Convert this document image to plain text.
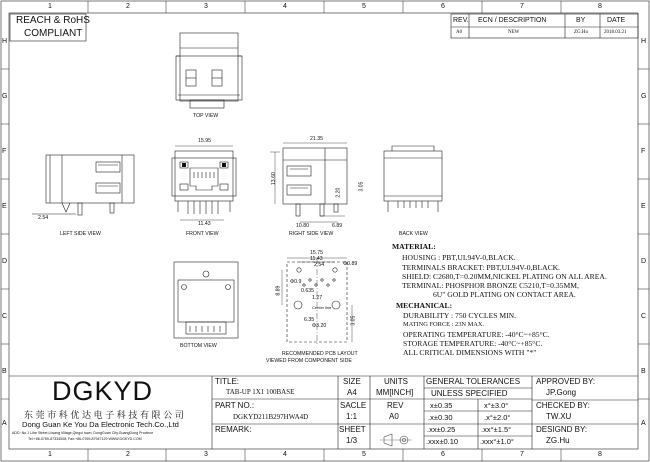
REACH & RoHS
COMPLIANT
1	2	3	4	5	6	7	8
1	2	3	4	5	6	7	8
H
G
F
E
D
C
B
A
H
G
F
E
D
C
B
A
REV. ECN / DESCRIPTION	BY	DATE
A0	NEW	ZG.Hu	2018.03.21
TOP VIEW
LEFT SIDE VIEW	FRONT VIEW	RIGHT SIDE VIEW	BACK VIEW
BOTTOM VIEW
RECOMMENDED PCB LAYOUT
VIEWED FROM COMPONENT SIDE
15.95
11.43
21.35
13.60
2.20
3.05
10.80	6.89
2.54
15.75
11.43
2.54	Φ0.89
Φ0.9
0.635
1.27
8.89
6.35
Φ3.20
3.05
Center line
MATERIAL:
HOUSING : PBT,UL94V-0,BLACK.
TERMINALS BRACKET: PBT,UL94V-0,BLACK.
SHIELD: C2680,T=0.20MM,NICKEL PLATING ON ALL AREA.
TERMINAL: PHOSPHOR BRONZE C5210,T=0.35MM,
6U" GOLD PLATING ON CONTACT AREA.
MECHANICAL:
DURABILITY : 750 CYCLES MIN.
MATING FORCE : 23N MAX.
OPERATING TEMPERATURE: -40°C~+85°C.
STORAGE TEMPERATURE: -40°C~+85°C.
ALL CRITICAL DIMENSIONS WITH "*"
DGKYD
东莞市科优达电子科技有限公司
Dong Guan Ke You Da Electronic Tech.Co.,Ltd
ADD: No.1 Lihe Street,Liwang Village,Qingxi town, DongGuan City,GuangDong Province
Tel:+86-0769-87334508; Fax:+86-0769-87947129 WWW.DGKYD.COM
TITLE:
TAB-UP 1X1 100BASE
PART NO.:
DGKYD211B297HWA4D
REMARK:
SIZE
A4
UNITS
MM[INCH]
SACLE
1:1
REV
A0
SHEET
1/3
GENERAL TOLERANCES
UNLESS SPECIFIED
x±0.35	x°±3.0°
.x±0.30	.x°±2.0°
.xx±0.25	.xx°±1.5°
.xxx±0.10	.xxx°±1.0°
APPROVED BY:
JP.Gong
CHECKED BY:
TW.XU
DESIGND BY:
ZG.Hu
